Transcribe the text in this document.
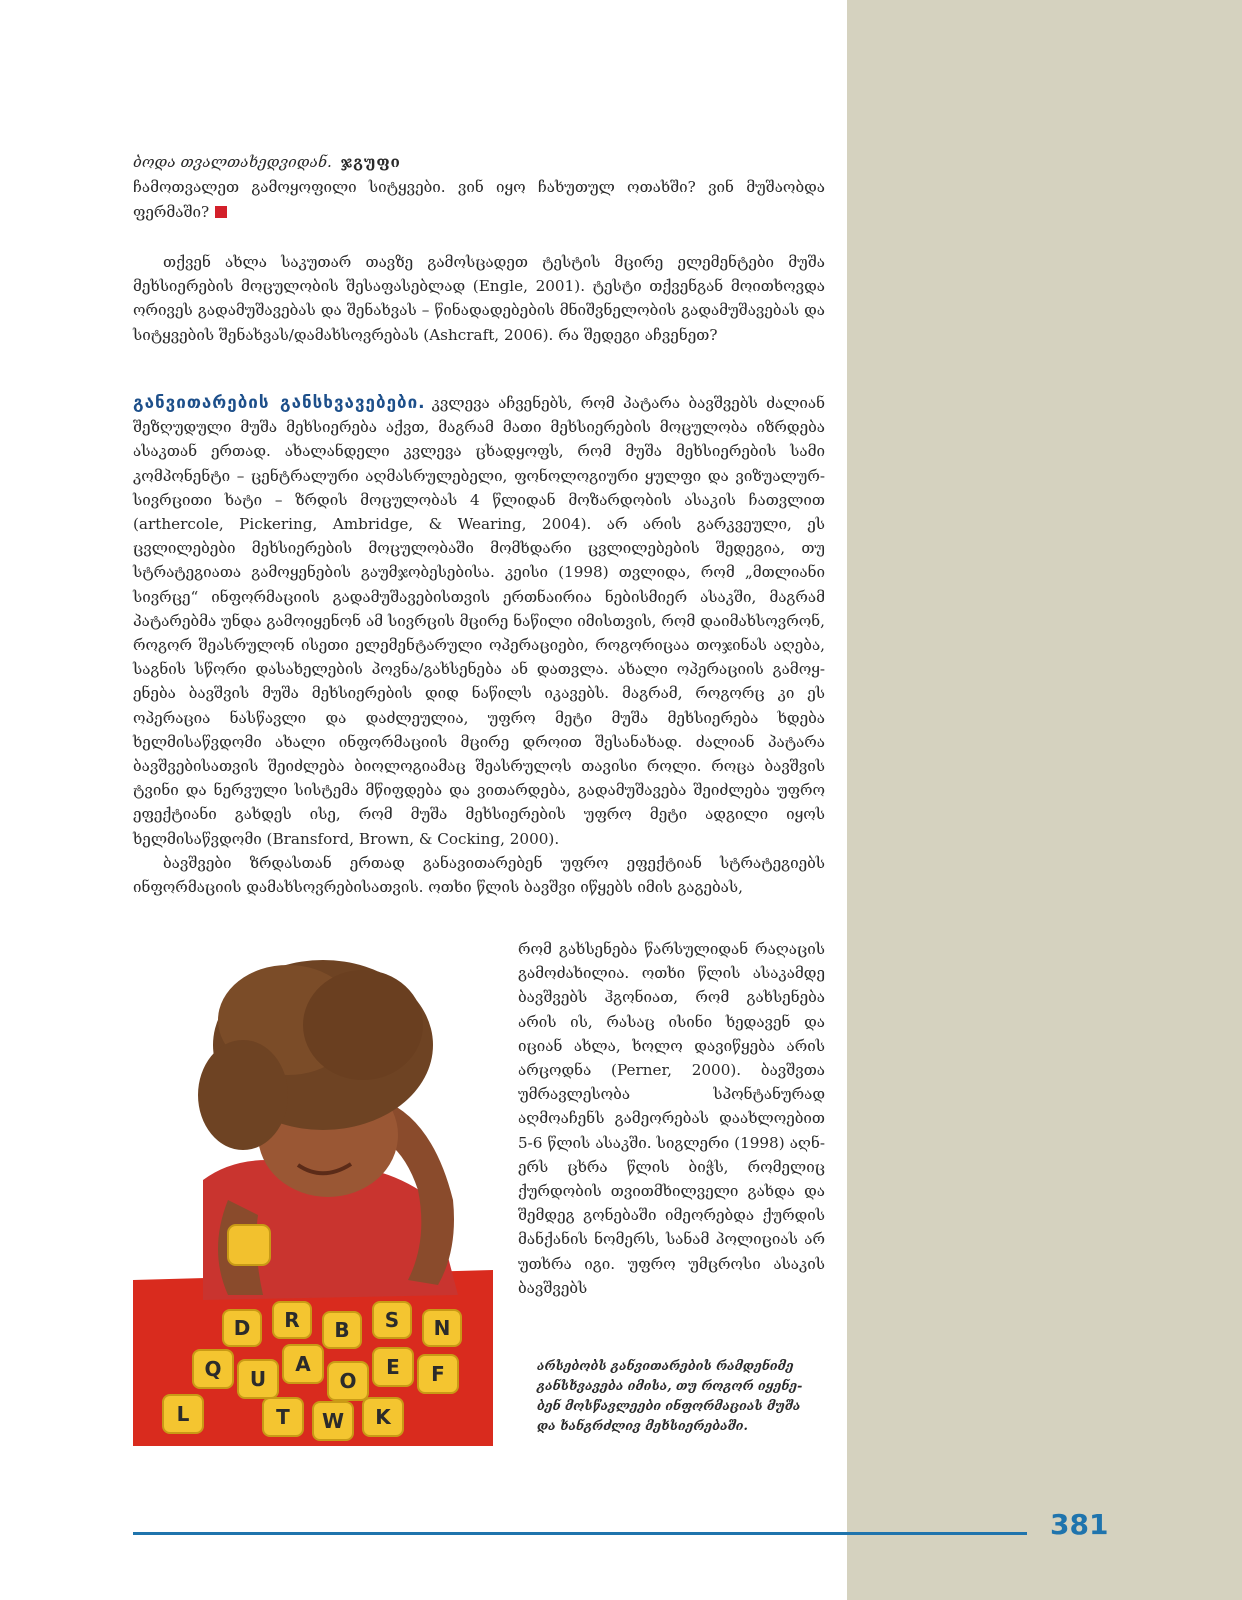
ბოდა თვალთახედვიდან. ჯგუფი
ჩამოთვალეთ გამოყოფილი სიტყვები. ვინ იყო ჩახუთულ ოთახში? ვინ მუშაობდა ფერმაში?

თქვენ ახლა საკუთარ თავზე გამოსცადეთ ტესტის მცირე ელემენტები მუშა მეხსიერების მოცულობის შესაფასებლად (Engle, 2001). ტესტი თქვენგან მოითხოვდა ორივეს გადამუშავებას და შენახვას – წინადადებების მნიშვნელობის გადამუშავებას და სიტყვების შენახვას/დამახსოვრებას (Ashcraft, 2006). რა შედეგი აჩვენეთ?

განვითარების განსხვავებები. კვლევა აჩვენებს, რომ პატარა ბავშვებს ძალიან შეზღუდული მუშა მეხსიერება აქვთ, მაგრამ მათი მეხსიერების მოცულობა იზრდება ასაკთან ერთად. ახალანდელი კვლევა ცხადყოფს, რომ მუშა მეხსიერების სამი კომპონენტი – ცენტრალური აღმასრულებელი, ფონოლოგიური ყულფი და ვიზუალურ-სივრცითი ხატი – ზრდის მოცულობას 4 წლიდან მოზარდობის ასაკის ჩათვლით (arthercole, Pickering, Ambridge, & Wearing, 2004). არ არის გარკვეული, ეს ცვლილებები მეხსიერების მოცულობაში მომხდარი ცვლილებების შედეგია, თუ სტრატეგიათა გამოყენების გაუმჯობესებისა. კეისი (1998) თვლიდა, რომ „მთლიანი სივრცე“ ინფორმაციის გადამუშავებისთვის ერთნაირია ნებისმიერ ასაკში, მაგრამ პატარებმა უნდა გამოიყენონ ამ სივრცის მცირე ნაწილი იმისთვის, რომ დაიმახსოვრონ, როგორ შეასრულონ ისეთი ელემენტარული ოპერაციები, როგორიცაა თოჯინას აღება, საგნის სწორი დასახელების პოვნა/გახსენება ან დათვლა. ახალი ოპერაციის გამოყენება ბავშვის მუშა მეხსიერების დიდ ნაწილს იკავებს. მაგრამ, როგორც კი ეს ოპერაცია ნასწავლი და დაძლეულია, უფრო მეტი მუშა მეხსიერება ხდება ხელმისაწვდომი ახალი ინფორმაციის მცირე დროით შესანახად. ძალიან პატარა ბავშვებისათვის შეიძლება ბიოლოგიამაც შეასრულოს თავისი როლი. როცა ბავშვის ტვინი და ნერვული სისტემა მწიფდება და ვითარდება, გადამუშავება შეიძლება უფრო ეფექტიანი გახდეს ისე, რომ მუშა მეხსიერების უფრო მეტი ადგილი იყოს ხელმისაწვდომი (Bransford, Brown, & Cocking, 2000).

ბავშვები ზრდასთან ერთად განავითარებენ უფრო ეფექტიან სტრატეგიებს ინფორმაციის დამახსოვრებისათვის. ოთხი წლის ბავშვი იწყებს იმის გაგებას,

რომ გახსენება წარსულიდან რაღაცის გამოძახილია. ოთხი წლის ასაკამდე ბავშვებს ჰგონიათ, რომ გახსენება არის ის, რასაც ისინი ხედავენ და იციან ახლა, ხოლო დავიწყება არის არცოდნა (Perner, 2000). ბავშვთა უმრავლესობა სპონტანურად აღმოაჩენს გამეორებას დაახლოებით 5-6 წლის ასაკში. სიგლერი (1998) აღნერს ცხრა წლის ბიჭს, რომელიც ქურდობის თვითმხილველი გახდა და შემდეგ გონებაში იმეორებდა ქურდის მანქანის ნომერს, სანამ პოლიციას არ უთხრა იგი. უფრო უმცროსი ასაკის ბავშვებს
Q U
A
O
E F
D R B S N
T W K
L
არსებობს განვითარების რამდენიმე განსხვავება იმისა, თუ როგორ იყენებენ მოსწავლეები ინფორმაციას მუშა და ხანგრძლივ მეხსიერებაში.
381
